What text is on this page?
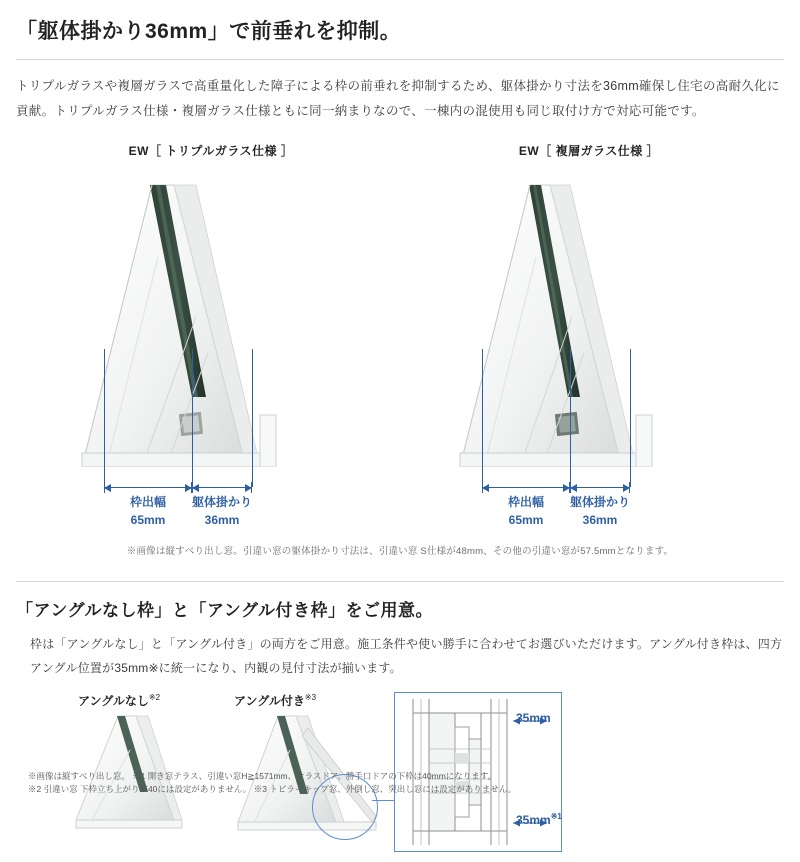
「躯体掛かり36mm」で前垂れを抑制。

トリプルガラスや複層ガラスで高重量化した障子による枠の前垂れを抑制するため、躯体掛かり寸法を36mm確保し住宅の高耐久化に貢献。トリプルガラス仕様・複層ガラス仕様ともに同一納まりなので、一棟内の混使用も同じ取付け方で対応可能です。

EW［ トリプルガラス仕様 ］
枠出幅
65mm
躯体掛かり
36mm
EW［ 複層ガラス仕様 ］
枠出幅
65mm
躯体掛かり
36mm
※画像は縦すべり出し窓。引違い窓の躯体掛かり寸法は、引違い窓 S仕様が48mm、その他の引違い窓が57.5mmとなります。
「アングルなし枠」と「アングル付き枠」をご用意。

枠は「アングルなし」と「アングル付き」の両方をご用意。施工条件や使い勝手に合わせてお選びいただけます。アングル付き枠は、四方アングル位置が35mm※に統一になり、内観の見付寸法が揃います。

アングルなし$^{※2}$	アングル付き$^{※3}$
35mm
$35mm^{※1}$
※画像は縦すべり出し窓。 ※1 開き窓テラス、引違い窓H≧1571mm、テラスドア、勝手口ドアの下枠は40mmになります。
※2 引違い窓 下枠立ち上がりが40には設定がありません。 ※3 トビラーキップ窓、外倒し窓、突出し窓には設定がありません。
